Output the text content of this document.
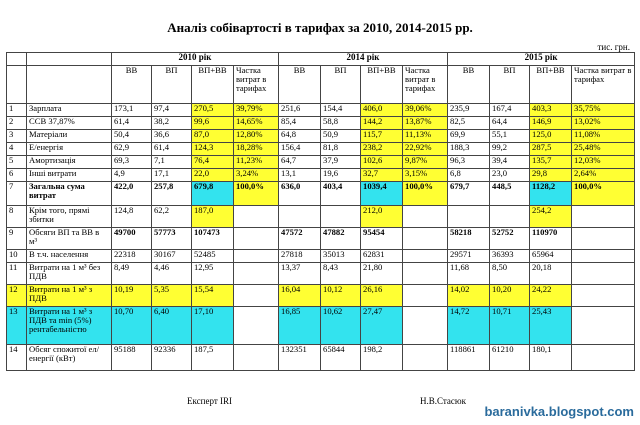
Аналіз собівартості в тарифах за 2010, 2014-2015 рр.
тис. грн.
		2010 рік				2014 рік				2015 рік			
		ВВ	ВП	ВП+ВВ	Частка витрат в тарифах	ВВ	ВП	ВП+ВВ	Частка витрат в тарифах	ВВ	ВП	ВП+ВВ	Частка витрат в тарифах
1	Зарплата	173,1	97,4	270,5	39,79%	251,6	154,4	406,0	39,06%	235,9	167,4	403,3	35,75%
2	ССВ 37,87%	61,4	38,2	99,6	14,65%	85,4	58,8	144,2	13,87%	82,5	64,4	146,9	13,02%
3	Матеріали	50,4	36,6	87,0	12,80%	64,8	50,9	115,7	11,13%	69,9	55,1	125,0	11,08%
4	Е/енергія	62,9	61,4	124,3	18,28%	156,4	81,8	238,2	22,92%	188,3	99,2	287,5	25,48%
5	Амортизація	69,3	7,1	76,4	11,23%	64,7	37,9	102,6	9,87%	96,3	39,4	135,7	12,03%
6	Інші витрати	4,9	17,1	22,0	3,24%	13,1	19,6	32,7	3,15%	6,8	23,0	29,8	2,64%
7	Загальна сума витрат	422,0	257,8	679,8	100,0%	636,0	403,4	1039,4	100,0%	679,7	448,5	1128,2	100,0%
8	Крім того, прямі збитки	124,8	62,2	187,0				212,0				254,2	
9	Обсяги ВП та ВВ в м³	49700	57773	107473		47572	47882	95454		58218	52752	110970	
10	В т.ч. населення	22318	30167	52485		27818	35013	62831		29571	36393	65964	
11	Витрати на 1 м³ без ПДВ	8,49	4,46	12,95		13,37	8,43	21,80		11,68	8,50	20,18	
12	Витрати на 1 м³ з ПДВ	10,19	5,35	15,54		16,04	10,12	26,16		14,02	10,20	24,22	
13	Витрати на 1 м³ з ПДВ та min (5%) рентабельністю	10,70	6,40	17,10		16,85	10,62	27,47		14,72	10,71	25,43	
14	Обсяг спожитої ел/енергії (кВт)	95188	92336	187,5		132351	65844	198,2		118861	61210	180,1	
Експерт IRI	Н.В.Стасюк
baranivka.blogspot.com
